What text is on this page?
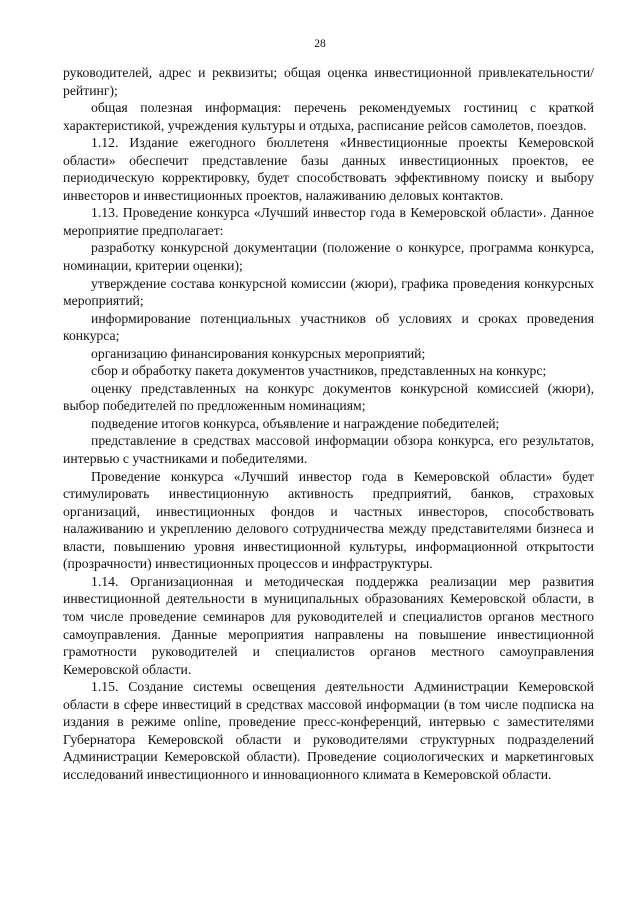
28

руководителей, адрес и реквизиты; общая оценка инвестиционной привлекательности/рейтинг);

общая полезная информация: перечень рекомендуемых гостиниц с краткой характеристикой, учреждения культуры и отдыха, расписание рейсов самолетов, поездов.

1.12. Издание ежегодного бюллетеня «Инвестиционные проекты Кемеровской области» обеспечит представление базы данных инвестиционных проектов, ее периодическую корректировку, будет способствовать эффективному поиску и выбору инвесторов и инвестиционных проектов, налаживанию деловых контактов.

1.13. Проведение конкурса «Лучший инвестор года в Кемеровской области». Данное мероприятие предполагает:

разработку конкурсной документации (положение о конкурсе, программа конкурса, номинации, критерии оценки);

утверждение состава конкурсной комиссии (жюри), графика проведения конкурсных мероприятий;

информирование потенциальных участников об условиях и сроках проведения конкурса;

организацию финансирования конкурсных мероприятий;

сбор и обработку пакета документов участников, представленных на конкурс;

оценку представленных на конкурс документов конкурсной комиссией (жюри), выбор победителей по предложенным номинациям;

подведение итогов конкурса, объявление и награждение победителей;

представление в средствах массовой информации обзора конкурса, его результатов, интервью с участниками и победителями.

Проведение конкурса «Лучший инвестор года в Кемеровской области» будет стимулировать инвестиционную активность предприятий, банков, страховых организаций, инвестиционных фондов и частных инвесторов, способствовать налаживанию и укреплению делового сотрудничества между представителями бизнеса и власти, повышению уровня инвестиционной культуры, информационной открытости (прозрачности) инвестиционных процессов и инфраструктуры.

1.14. Организационная и методическая поддержка реализации мер развития инвестиционной деятельности в муниципальных образованиях Кемеровской области, в том числе проведение семинаров для руководителей и специалистов органов местного самоуправления. Данные мероприятия направлены на повышение инвестиционной грамотности руководителей и специалистов органов местного самоуправления Кемеровской области.

1.15. Создание системы освещения деятельности Администрации Кемеровской области в сфере инвестиций в средствах массовой информации (в том числе подписка на издания в режиме online, проведение пресс-конференций, интервью с заместителями Губернатора Кемеровской области и руководителями структурных подразделений Администрации Кемеровской области). Проведение социологических и маркетинговых исследований инвестиционного и инновационного климата в Кемеровской области.
